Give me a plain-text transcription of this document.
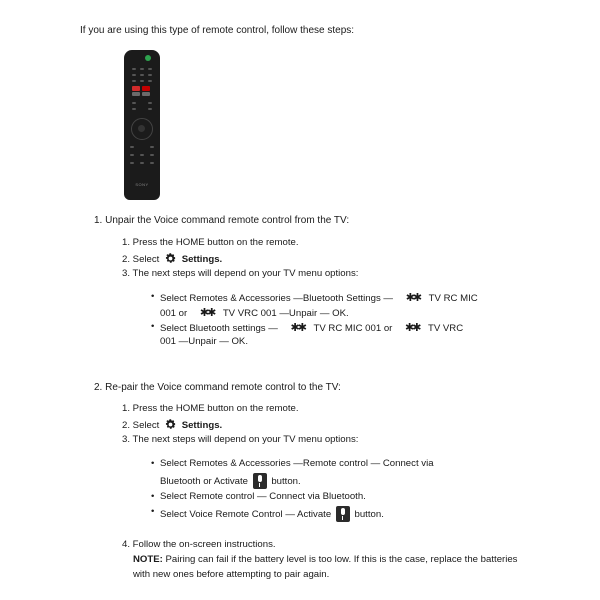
If you are using this type of remote control, follow these steps:
SONY
1. Unpair the Voice command remote control from the TV:
1. Press the HOME button on the remote.
2. Select Settings.
3. The next steps will depend on your TV menu options:
• Select Remotes & Accessories —Bluetooth Settings — ✱✱ TV RC MIC
001 or ✱✱ TV VRC 001 —Unpair — OK.
• Select Bluetooth settings — ✱✱ TV RC MIC 001 or ✱✱ TV VRC
001 —Unpair — OK.
2. Re-pair the Voice command remote control to the TV:
1. Press the HOME button on the remote.
2. Select Settings.
3. The next steps will depend on your TV menu options:
• Select Remotes & Accessories —Remote control — Connect via
Bluetooth or Activate button.
• Select Remote control — Connect via Bluetooth.
• Select Voice Remote Control — Activate button.
4. Follow the on-screen instructions.
NOTE: Pairing can fail if the battery level is too low. If this is the case, replace the batteries
with new ones before attempting to pair again.
